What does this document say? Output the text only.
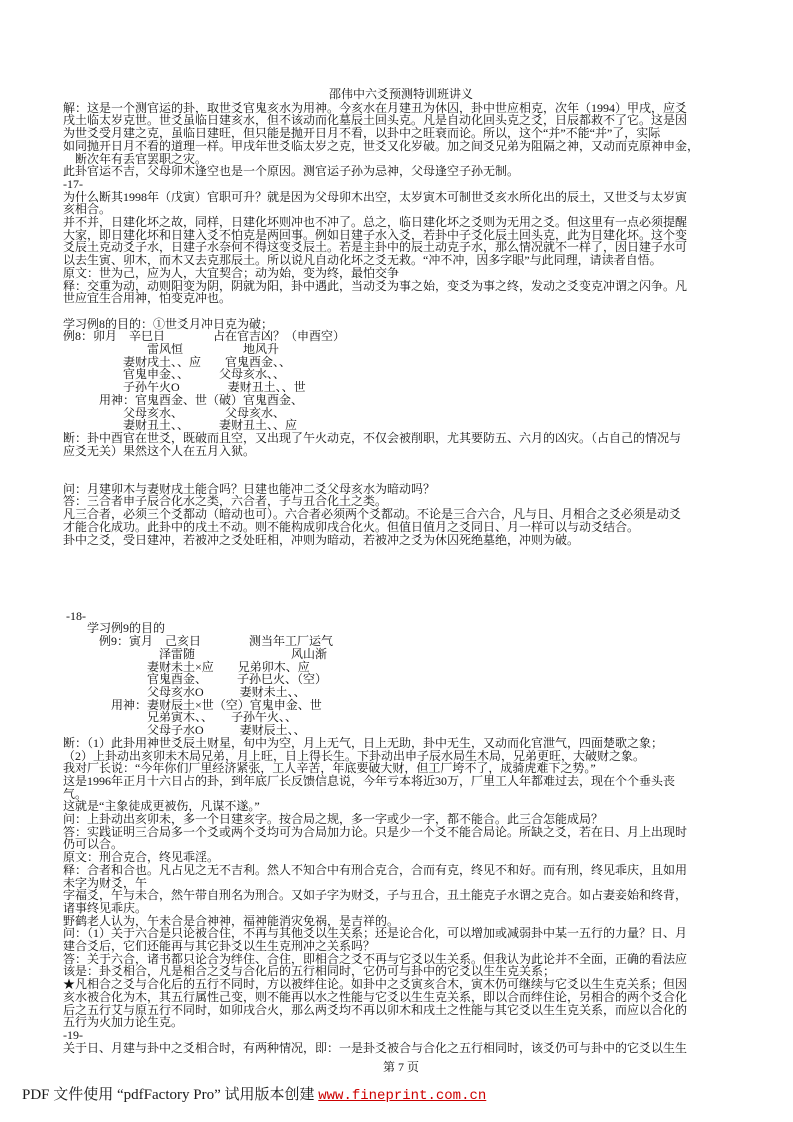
邵伟中六爻预测特训班讲义
解：这是一个测官运的卦，取世爻官鬼亥水为用神。今亥水在月建丑为休囚，卦中世应相克，次年（1994）甲戌，应爻
戌土临太岁克世。世爻虽临日建亥水，但不该动而化墓辰土回头克。凡是自动化回头克之爻，日辰都救不了它。这是因
为世爻受月建之克，虽临日建旺，但只能是抛开日月不看，以卦中之旺衰而论。所以，这个“并”不能“并”了，实际
如同抛开日月不看的道理一样。甲戌年世爻临太岁之克，世爻又化岁破。加之间爻兄弟为阻隔之神，又动而克原神申金，
　断次年有丢官罢职之灾。
此卦官运不吉，父母卯木逢空也是一个原因。测官运子孙为忌神，父母逢空子孙无制。
-17-
为什么断其1998年（戊寅）官职可升？就是因为父母卯木出空，太岁寅木可制世爻亥水所化出的辰土，又世爻与太岁寅
亥相合。
并不并，日建化坏之故，同样，日建化坏则冲也不冲了。总之，临日建化坏之爻则为无用之爻。但这里有一点必须提醒
大家，即日建化坏和日建入爻不怕克是两回事。例如日建子水入爻，若卦中子爻化辰土回头克，此为日建化坏。这个变
爻辰土克动爻子水，日建子水奈何不得这变爻辰土。若是主卦中的辰土动克子水，那么情况就不一样了，因日建子水可
以去生寅、卯木，而木又去克那辰土。所以说凡自动化坏之爻无救。“冲不冲，因多字眼”与此同理，请读者自悟。
原文：世为己，应为人，大宜契合；动为始，变为终，最怕交争
释：交重为动，动则阳变为阴，阴就为阳，卦中遇此，当动爻为事之始，变爻为事之终，发动之爻变克冲谓之闪争。凡
世应宜生合用神，怕变克冲也。
学习例8的目的：①世爻月冲日克为破；
例8：卯月　辛巳日　　　　占在官吉凶？（申酉空）
　　　　　　　雷风恒　　　　　地风升
　　　　　妻财戌土、、应　　官鬼酉金、、
　　　　　官鬼申金、、　　　父母亥水、、
　　　　　子孙午火O　　　　妻财丑土、、世
　　　用神：官鬼酉金、世（破）官鬼酉金、
　　　　　父母亥水、　　　　父母亥水、
　　　　　妻财丑土、、　　　妻财丑土、、应
断：卦中酉官在世爻，既破而且空，又出现了午火动克，不仅会被削职，尤其要防五、六月的凶灾。（占自己的情况与
应爻无关）果然这个人在五月入狱。
问：月建卯木与妻财戌土能合吗？日建也能冲二爻父母亥水为暗动吗？
答：三合者申子辰合化水之类，六合者，子与丑合化土之类。
凡三合者，必须三个爻都动（暗动也可）。六合者必须两个爻都动。不论是三合六合，凡与日、月相合之爻必须是动爻
才能合化成功。此卦中的戌土不动。则不能构成卯戌合化火。但值日值月之爻同日、月一样可以与动爻结合。
卦中之爻，受日建冲，若被冲之爻处旺相，冲则为暗动，若被冲之爻为休囚死绝墓绝，冲则为破。
-18-
　　学习例9的目的
　　　例9：寅月　己亥日　　　　测当年工厂运气
　　　　　　　　泽雷随　　　　　　　　风山渐
　　　　　　　妻财未土×应　　兄弟卯木、应
　　　　　　　官鬼酉金、　　　子孙巳火、（空）
　　　　　　　父母亥水O　　　妻财未土、、
　　　　用神：妻财辰土×世（空）官鬼申金、世
　　　　　　　兄弟寅木、、　　子孙午火、、
　　　　　　　父母子水O　　　妻财辰土、、
断：（1）此卦用神世爻辰土财星，旬中为空，月上无气，日上无助，卦中无生，又动而化官泄气，四面楚歌之象；
（2）上卦动出亥卯未木局兄弟，月上旺，日上得长生。下卦动出申子辰水局生木局，兄弟更旺，大破财之象。
我对厂长说：“今年你们厂里经济紧张，工人辛苦，年底要破大财，但工厂垮不了，成骑虎难下之势。”
这是1996年正月十六日占的卦，到年底厂长反馈信息说，今年亏本将近30万，厂里工人年都难过去，现在个个垂头丧
气。
这就是“主象徒成更被伤，凡谋不遂。”
问：上卦动出亥卯未，多一个日建亥字。按合局之规，多一字或少一字，都不能合。此三合怎能成局？
答：实践证明三合局多一个爻或两个爻均可为合局加力论。只是少一个爻不能合局论。所缺之爻，若在日、月上出现时
仍可以合。
原文：刑合克合，终见乖淫。
释：合者和合也。凡占见之无不吉利。然人不知合中有刑合克合，合而有克，终见不和好。而有刑，终见乖庆，且如用
未字为财爻，午
字福爻，午与未合，然午带自刑名为刑合。又如子字为财爻，子与丑合，丑土能克子水谓之克合。如占妻妾始和终背，
诸事终见乖庆。
野鹤老人认为，午未合是合神神，福神能消灾免祸，是吉祥的。
问：（1）关于六合是只论被合住，不再与其他爻以生关系；还是论合化，可以增加或减弱卦中某一五行的力量？日、月
建合爻后，它们还能再与其它卦爻以生生克刑冲之关系吗？
答：关于六合，诸书都只论合为绊住、合住，即相合之爻不再与它爻以生关系。但我认为此论并不全面，正确的看法应
该是：卦爻相合，凡是相合之爻与合化后的五行相同时，它仍可与卦中的它爻以生生克关系；
★凡相合之爻与合化后的五行不同时，方以被绊住论。如卦中之爻寅亥合木，寅木仍可继续与它爻以生生克关系；但因
亥水被合化为木，其五行属性己变，则不能再以水之性能与它爻以生生克关系，即以合而绊住论，另相合的两个爻合化
后之五行艾与原五行不同时，如卯戌合火，那么两爻均不再以卯木和戌土之性能与其它爻以生生克关系，而应以合化的
五行为火加力论生克。
-19-
关于日、月建与卦中之爻相合时，有两种情况，即：一是卦爻被合与合化之五行相同时，该爻仍可与卦中的它爻以生生
第 7 页
PDF 文件使用 “pdfFactory Pro” 试用版本创建 www.fineprint.com.cn
